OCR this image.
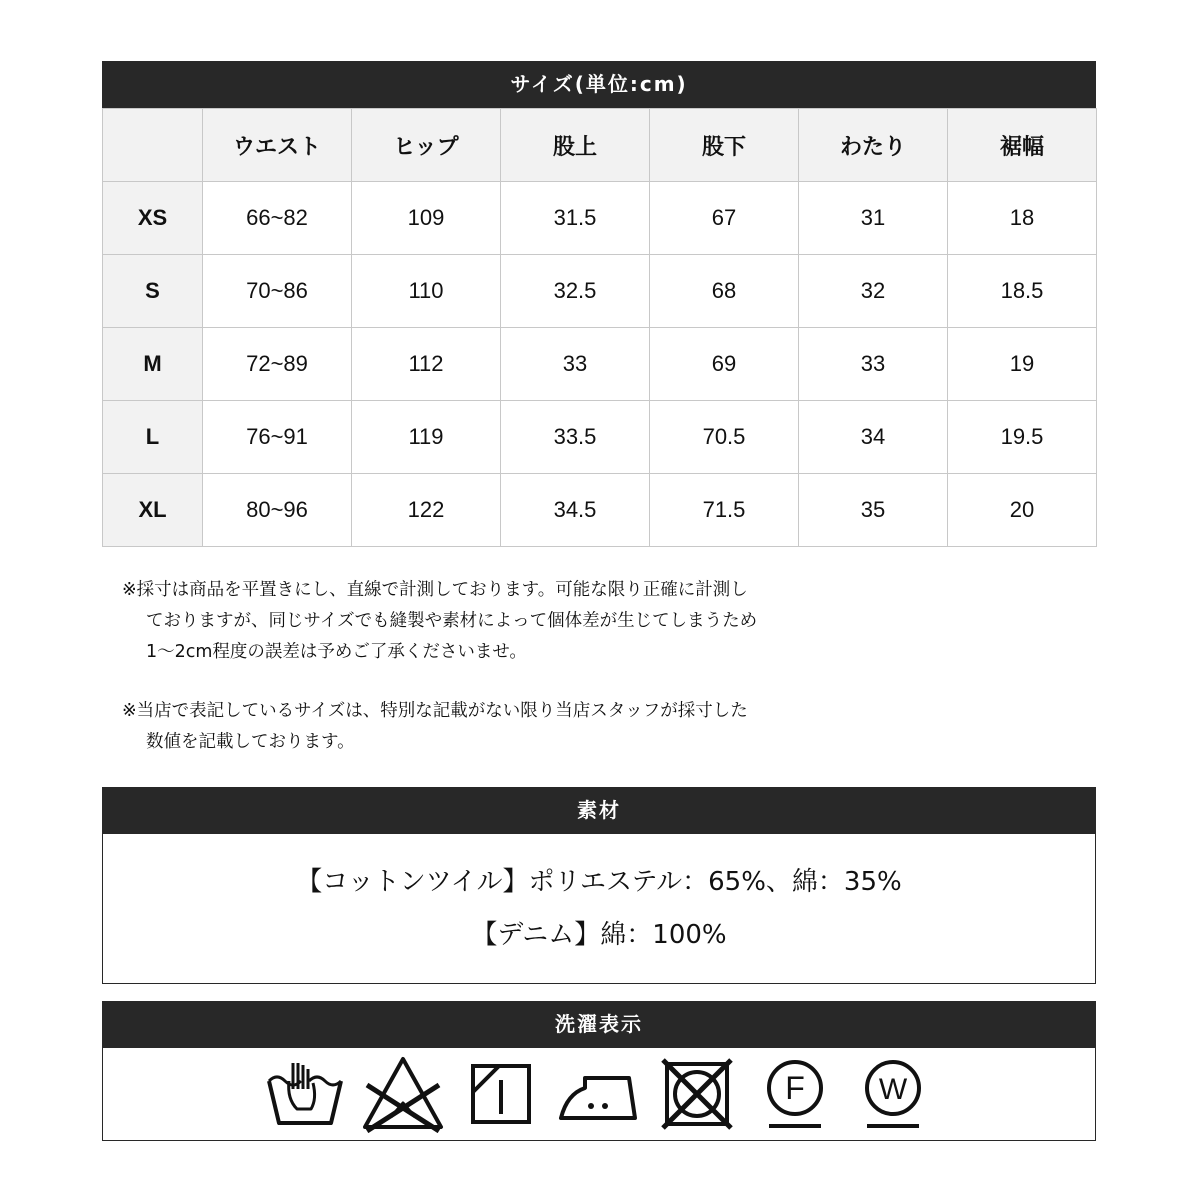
サイズ(単位:cm)
	ウエスト	ヒップ	股上	股下	わたり	裾幅
XS	66~82	109	31.5	67	31	18
S	70~86	110	32.5	68	32	18.5
M	72~89	112	33	69	33	19
L	76~91	119	33.5	70.5	34	19.5
XL	80~96	122	34.5	71.5	35	20
※採寸は商品を平置きにし、直線で計測しております。可能な限り正確に計測し
ておりますが、同じサイズでも縫製や素材によって個体差が生じてしまうため
1〜2cm程度の誤差は予めご了承くださいませ。
※当店で表記しているサイズは、特別な記載がない限り当店スタッフが採寸した
数値を記載しております。
素材
【コットンツイル】ポリエステル：65%、綿：35%
【デニム】綿：100%
洗濯表示
F W
